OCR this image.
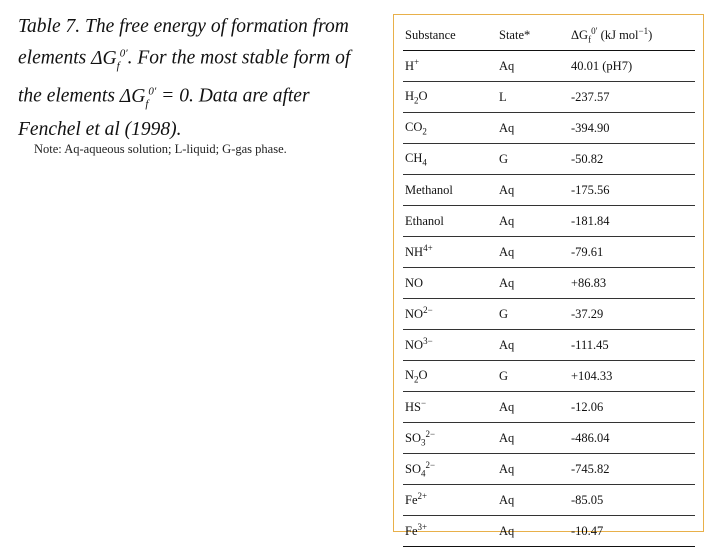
Table 7. The free energy of formation from elements $\Delta G_f^{0'}$. For the most stable form of the elements $\Delta G_f^{0'} = 0$. Data are after Fenchel et al (1998).
Note: Aq-aqueous solution; L-liquid; G-gas phase.
Substance	State*	$\Delta G_f^{0'}$ (kJ mol$^{-1}$)
H+	Aq	40.01 (pH7)
$H_2O$	L	-237.57
$CO_2$	Aq	-394.90
$CH_4$	G	-50.82
Methanol	Aq	-175.56
Ethanol	Aq	-181.84
$NH^{4+}$	Aq	-79.61
NO	Aq	+86.83
$NO^{2-}$	G	-37.29
$NO^{3-}$	Aq	-111.45
$N_2O$	G	+104.33
HS−	Aq	-12.06
$SO_3^{2-}$	Aq	-486.04
$SO_4^{2-}$	Aq	-745.82
$Fe^{2+}$	Aq	-85.05
$Fe^{3+}$	Aq	-10.47
